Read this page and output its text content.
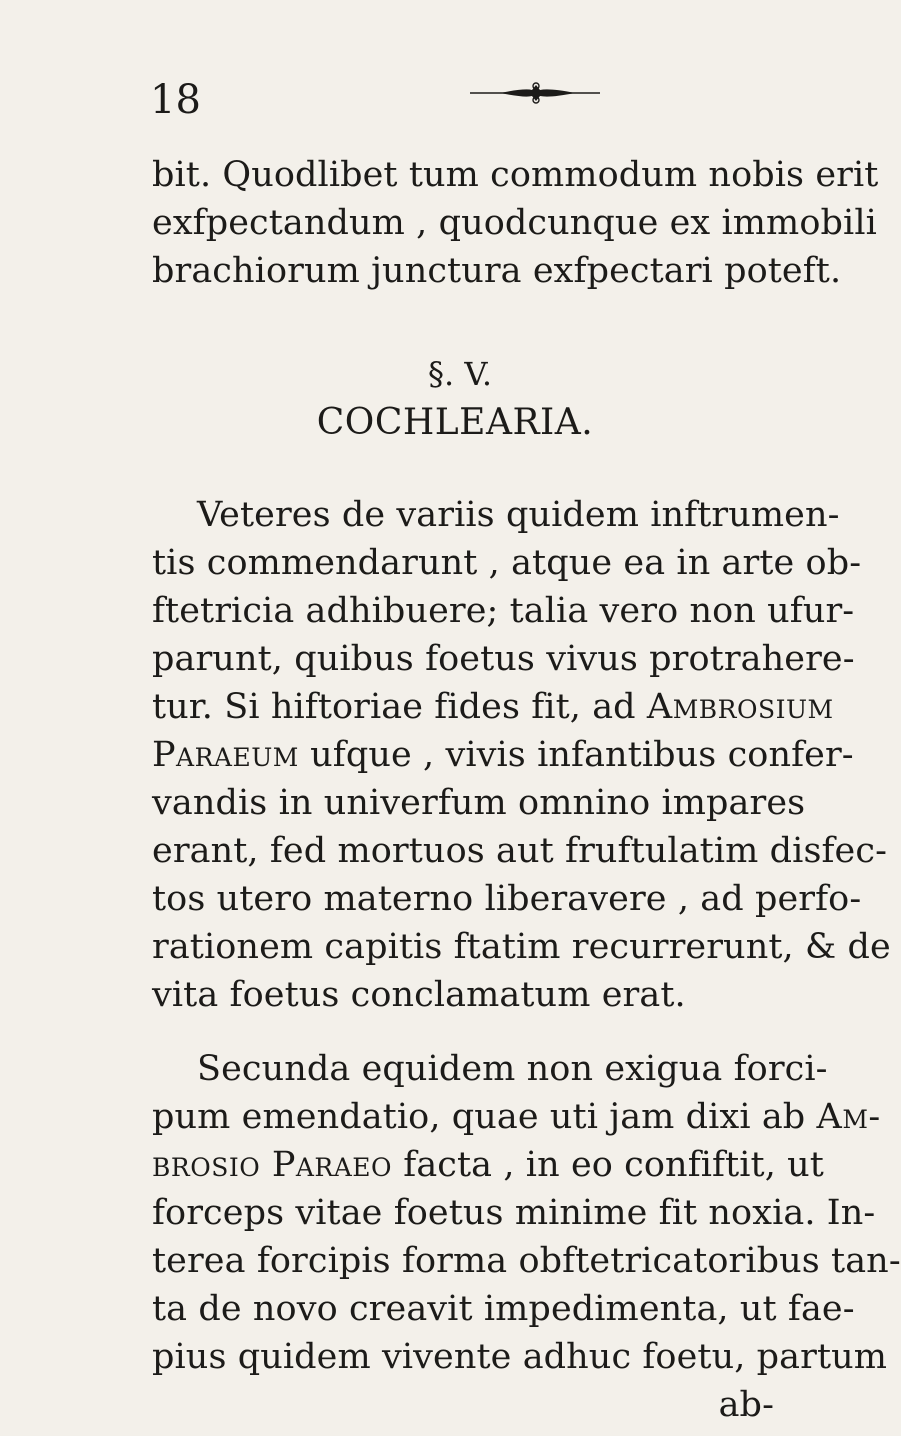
18
bit. Quodlibet tum commodum nobis erit
exfpectandum , quodcunque ex immobili
brachiorum junctura exfpectari poteft.
§. V.
COCHLEARIA.
Veteres de variis quidem inftrumen-
tis commendarunt , atque ea in arte ob-
ftetricia adhibuere; talia vero non ufur-
parunt, quibus foetus vivus protrahere-
tur. Si hiftoriae fides fit, ad Ambrosium
Paraeum ufque , vivis infantibus confer-
vandis in univerfum omnino impares
erant, fed mortuos aut fruftulatim disfec-
tos utero materno liberavere , ad perfo-
rationem capitis ftatim recurrerunt, & de
vita foetus conclamatum erat.
Secunda equidem non exigua forci-
pum emendatio, quae uti jam dixi ab Am-
brosio Paraeo facta , in eo confiftit, ut
forceps vitae foetus minime fit noxia. In-
terea forcipis forma obftetricatoribus tan-
ta de novo creavit impedimenta, ut fae-
pius quidem vivente adhuc foetu, partum
ab-
